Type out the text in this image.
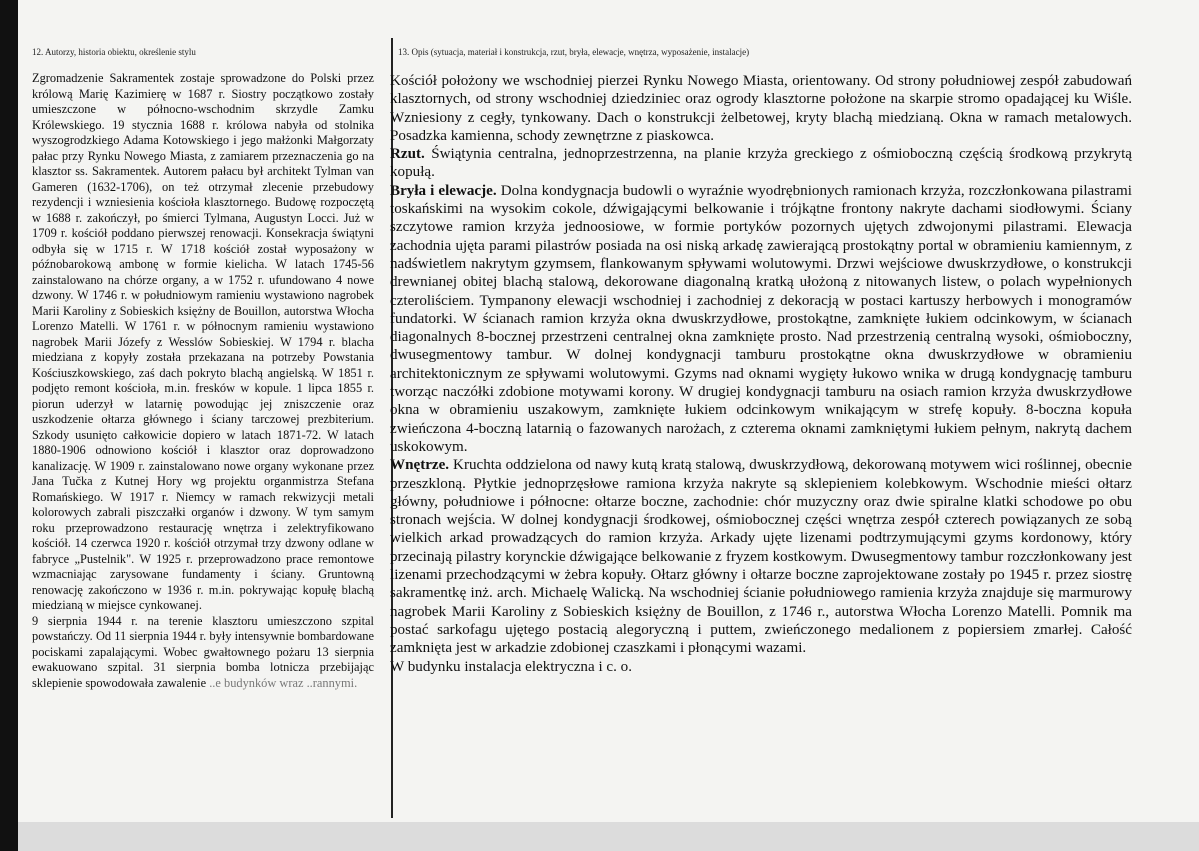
12. Autorzy, historia obiektu, określenie stylu	13. Opis (sytuacja, materiał i konstrukcja, rzut, bryła, elewacje, wnętrza, wyposażenie, instalacje)

Zgromadzenie Sakramentek zostaje sprowadzone do Polski przez królową Marię Kazimierę w 1687 r. Siostry początkowo zostały umieszczone w północno-wschodnim skrzydle Zamku Królewskiego. 19 stycznia 1688 r. królowa nabyła od stolnika wyszogrodzkiego Adama Kotowskiego i jego małżonki Małgorzaty pałac przy Rynku Nowego Miasta, z zamiarem przeznaczenia go na klasztor ss. Sakramentek. Autorem pałacu był architekt Tylman van Gameren (1632-1706), on też otrzymał zlecenie przebudowy rezydencji i wzniesienia kościoła klasztornego. Budowę rozpoczętą w 1688 r. zakończył, po śmierci Tylmana, Augustyn Locci. Już w 1709 r. kościół poddano pierwszej renowacji. Konsekracja świątyni odbyła się w 1715 r. W 1718 kościół został wyposażony w późnobarokową ambonę w formie kielicha. W latach 1745-56 zainstalowano na chórze organy, a w 1752 r. ufundowano 4 nowe dzwony. W 1746 r. w południowym ramieniu wystawiono nagrobek Marii Karoliny z Sobieskich księżny de Bouillon, autorstwa Włocha Lorenzo Matelli. W 1761 r. w północnym ramieniu wystawiono nagrobek Marii Józefy z Wesslów Sobieskiej. W 1794 r. blacha miedziana z kopyły została przekazana na potrzeby Powstania Kościuszkowskiego, zaś dach pokryto blachą angielską. W 1851 r. podjęto remont kościoła, m.in. fresków w kopule. 1 lipca 1855 r. piorun uderzył w latarnię powodując jej zniszczenie oraz uszkodzenie ołtarza głównego i ściany tarczowej prezbiterium. Szkody usunięto całkowicie dopiero w latach 1871-72. W latach 1880-1906 odnowiono kościół i klasztor oraz doprowadzono kanalizację. W 1909 r. zainstalowano nowe organy wykonane przez Jana Tučka z Kutnej Hory wg projektu organmistrza Stefana Romańskiego. W 1917 r. Niemcy w ramach rekwizycji metali kolorowych zabrali piszczałki organów i dzwony. W tym samym roku przeprowadzono restaurację wnętrza i zelektryfikowano kościół. 14 czerwca 1920 r. kościół otrzymał trzy dzwony odlane w fabryce „Pustelnik". W 1925 r. przeprowadzono prace remontowe wzmacniając zarysowane fundamenty i ściany. Gruntowną renowację zakończono w 1936 r. m.in. pokrywając kopułę blachą miedzianą w miejsce cynkowanej.

9 sierpnia 1944 r. na terenie klasztoru umieszczono szpital powstańczy. Od 11 sierpnia 1944 r. były intensywnie bombardowane pociskami zapalającymi. Wobec gwałtownego pożaru 13 sierpnia ewakuowano szpital. 31 sierpnia bomba lotnicza przebijając sklepienie spowodowała zawalenie ..e budynków wraz ..rannymi.

Kościół położony we wschodniej pierzei Rynku Nowego Miasta, orientowany. Od strony południowej zespół zabudowań klasztornych, od strony wschodniej dziedziniec oraz ogrody klasztorne położone na skarpie stromo opadającej ku Wiśle. Wzniesiony z cegły, tynkowany. Dach o konstrukcji żelbetowej, kryty blachą miedzianą. Okna w ramach metalowych. Posadzka kamienna, schody zewnętrzne z piaskowca.

Rzut. Świątynia centralna, jednoprzestrzenna, na planie krzyża greckiego z ośmioboczną częścią środkową przykrytą kopułą.

Bryła i elewacje. Dolna kondygnacja budowli o wyraźnie wyodrębnionych ramionach krzyża, rozczłonkowana pilastrami toskańskimi na wysokim cokole, dźwigającymi belkowanie i trójkątne frontony nakryte dachami siodłowymi. Ściany szczytowe ramion krzyża jednoosiowe, w formie portyków pozornych ujętych zdwojonymi pilastrami. Elewacja zachodnia ujęta parami pilastrów posiada na osi niską arkadę zawierającą prostokątny portal w obramieniu kamiennym, z nadświetlem nakrytym gzymsem, flankowanym spływami wolutowymi. Drzwi wejściowe dwuskrzydłowe, o konstrukcji drewnianej obitej blachą stalową, dekorowane diagonalną kratką ułożoną z nitowanych listew, o polach wypełnionych czteroliściem. Tympanony elewacji wschodniej i zachodniej z dekoracją w postaci kartuszy herbowych i monogramów fundatorki. W ścianach ramion krzyża okna dwuskrzydłowe, prostokątne, zamknięte łukiem odcinkowym, w ścianach diagonalnych 8-bocznej przestrzeni centralnej okna zamknięte prosto. Nad przestrzenią centralną wysoki, ośmioboczny, dwusegmentowy tambur. W dolnej kondygnacji tamburu prostokątne okna dwuskrzydłowe w obramieniu architektonicznym ze spływami wolutowymi. Gzyms nad oknami wygięty łukowo wnika w drugą kondygnację tamburu tworząc naczółki zdobione motywami korony. W drugiej kondygnacji tamburu na osiach ramion krzyża dwuskrzydłowe okna w obramieniu uszakowym, zamknięte łukiem odcinkowym wnikającym w strefę kopuły. 8-boczna kopuła zwieńczona 4-boczną latarnią o fazowanych narożach, z czterema oknami zamkniętymi łukiem pełnym, nakrytą dachem uskokowym.

Wnętrze. Kruchta oddzielona od nawy kutą kratą stalową, dwuskrzydłową, dekorowaną motywem wici roślinnej, obecnie przeszkloną. Płytkie jednoprzęsłowe ramiona krzyża nakryte są sklepieniem kolebkowym. Wschodnie mieści ołtarz główny, południowe i północne: ołtarze boczne, zachodnie: chór muzyczny oraz dwie spiralne klatki schodowe po obu stronach wejścia. W dolnej kondygnacji środkowej, ośmiobocznej części wnętrza zespół czterech powiązanych ze sobą wielkich arkad prowadzących do ramion krzyża. Arkady ujęte lizenami podtrzymującymi gzyms kordonowy, który przecinają pilastry korynckie dźwigające belkowanie z fryzem kostkowym. Dwusegmentowy tambur rozczłonkowany jest lizenami przechodzącymi w żebra kopuły. Ołtarz główny i ołtarze boczne zaprojektowane zostały po 1945 r. przez siostrę sakramentkę inż. arch. Michaelę Walicką. Na wschodniej ścianie południowego ramienia krzyża znajduje się marmurowy nagrobek Marii Karoliny z Sobieskich księżny de Bouillon, z 1746 r., autorstwa Włocha Lorenzo Matelli. Pomnik ma postać sarkofagu ujętego postacią alegoryczną i puttem, zwieńczonego medalionem z popiersiem zmarłej. Całość zamknięta jest w arkadzie zdobionej czaszkami i płonącymi wazami.

W budynku instalacja elektryczna i c. o.
